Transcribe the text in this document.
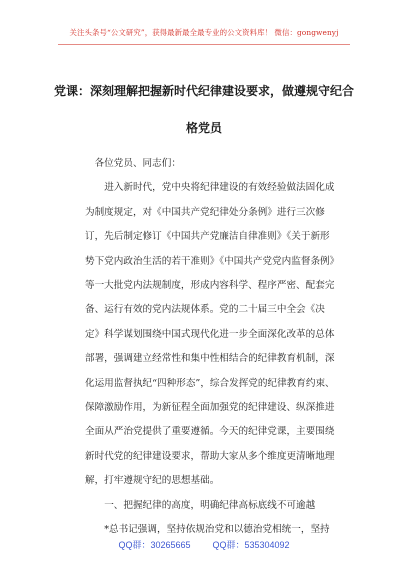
关注头条号“公文研究”，获得最新最全最专业的公文资料库！ 微信：gongwenyj
党课：深刻理解把握新时代纪律建设要求，做遵规守纪合
格党员

各位党员、同志们：

进入新时代，党中央将纪律建设的有效经验做法固化成为制度规定，对《中国共产党纪律处分条例》进行三次修订，先后制定修订《中国共产党廉洁自律准则》《关于新形势下党内政治生活的若干准则》《中国共产党党内监督条例》等一大批党内法规制度，形成内容科学、程序严密、配套完备、运行有效的党内法规体系。党的二十届三中全会《决定》科学谋划围绕中国式现代化进一步全面深化改革的总体部署，强调建立经常性和集中性相结合的纪律教育机制，深化运用监督执纪“四种形态”，综合发挥党的纪律教育约束、保障激励作用，为新征程全面加强党的纪律建设、纵深推进全面从严治党提供了重要遵循。今天的纪律党课，主要围绕新时代党的纪律建设要求，帮助大家从多个维度更清晰地理解，打牢遵规守纪的思想基础。

一、把握纪律的高度，明确纪律高标底线不可逾越

*总书记强调，坚持依规治党和以德治党相统一，坚持

QQ群：30265665 QQ群：535304092
